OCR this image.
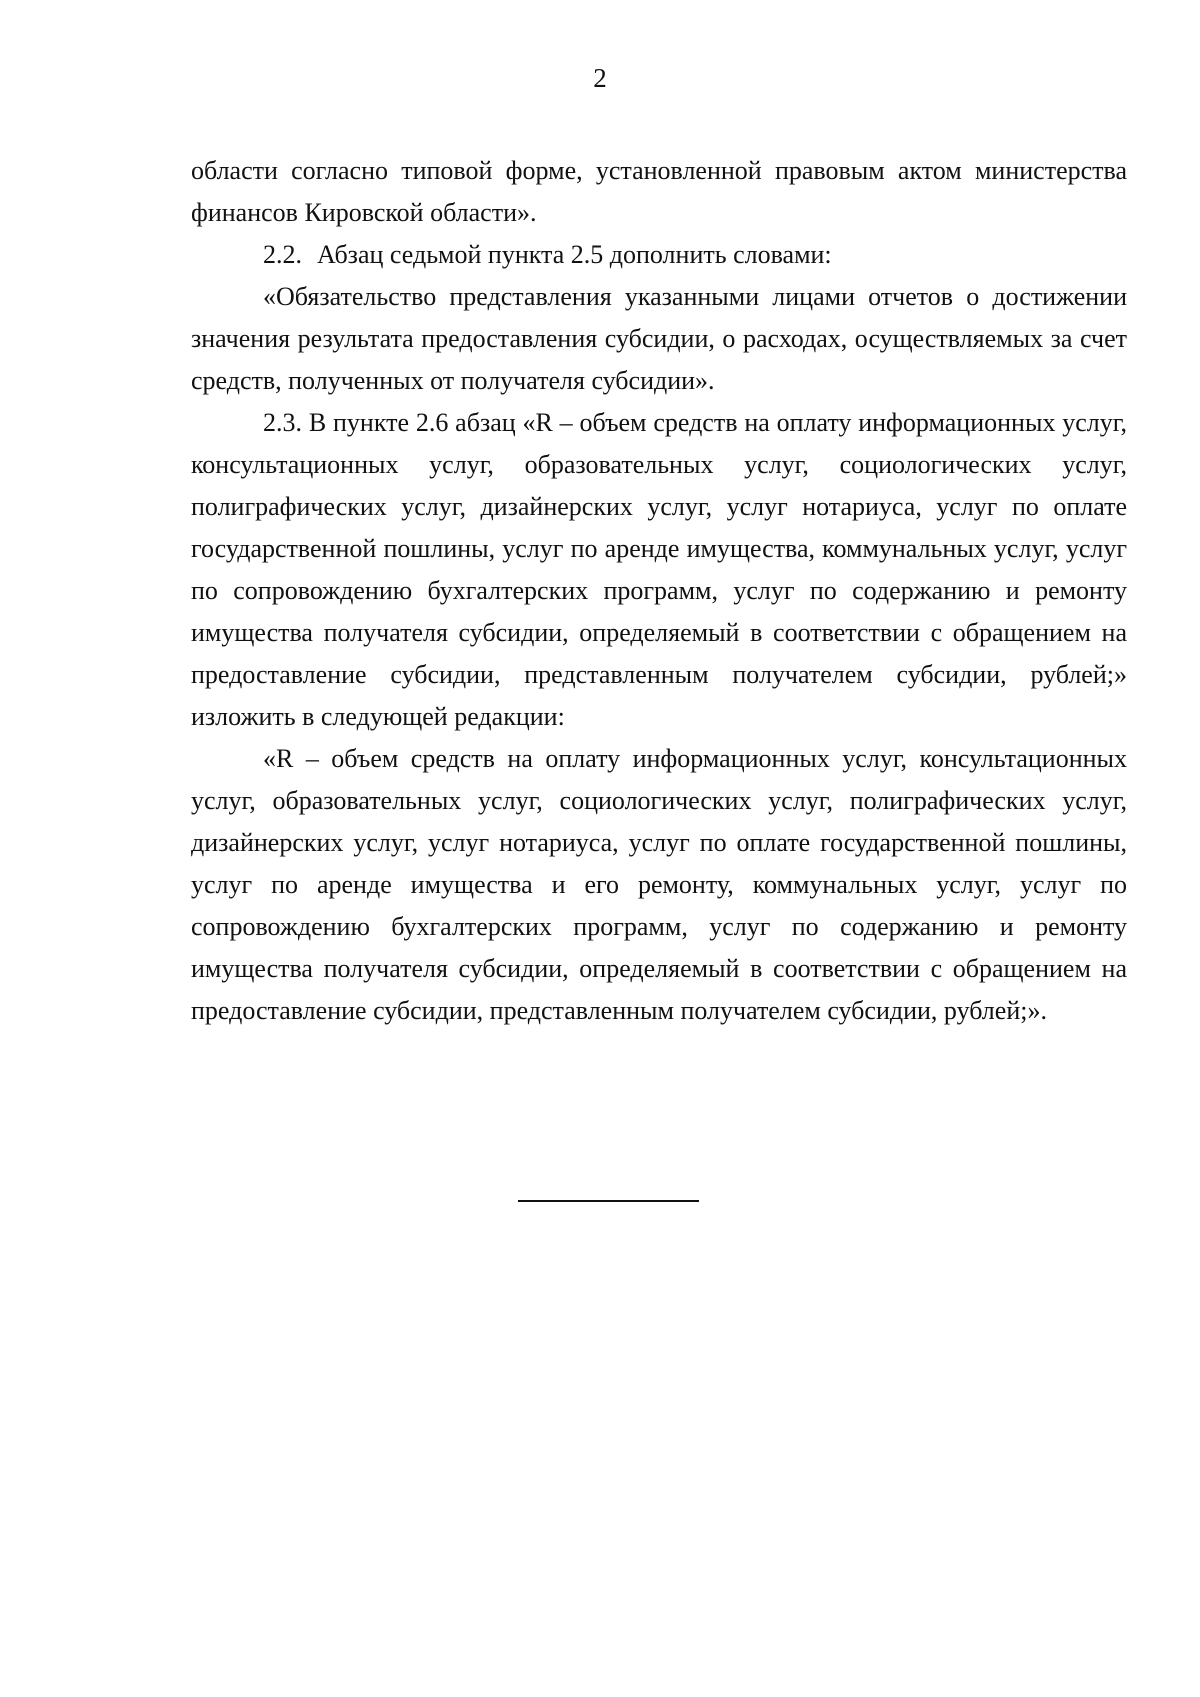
2

области согласно типовой форме, установленной правовым актом министерства финансов Кировской области».

2.2. Абзац седьмой пункта 2.5 дополнить словами:

«Обязательство представления указанными лицами отчетов о достижении значения результата предоставления субсидии, о расходах, осуществляемых за счет средств, полученных от получателя субсидии».

2.3. В пункте 2.6 абзац «R – объем средств на оплату информационных услуг, консультационных услуг, образовательных услуг, социологических услуг, полиграфических услуг, дизайнерских услуг, услуг нотариуса, услуг по оплате государственной пошлины, услуг по аренде имущества, коммунальных услуг, услуг по сопровождению бухгалтерских программ, услуг по содержанию и ремонту имущества получателя субсидии, определяемый в соответствии с обращением на предоставление субсидии, представленным получателем субсидии, рублей;» изложить в следующей редакции:

«R – объем средств на оплату информационных услуг, консультационных услуг, образовательных услуг, социологических услуг, полиграфических услуг, дизайнерских услуг, услуг нотариуса, услуг по оплате государственной пошлины, услуг по аренде имущества и его ремонту, коммунальных услуг, услуг по сопровождению бухгалтерских программ, услуг по содержанию и ремонту имущества получателя субсидии, определяемый в соответствии с обращением на предоставление субсидии, представленным получателем субсидии, рублей;».
